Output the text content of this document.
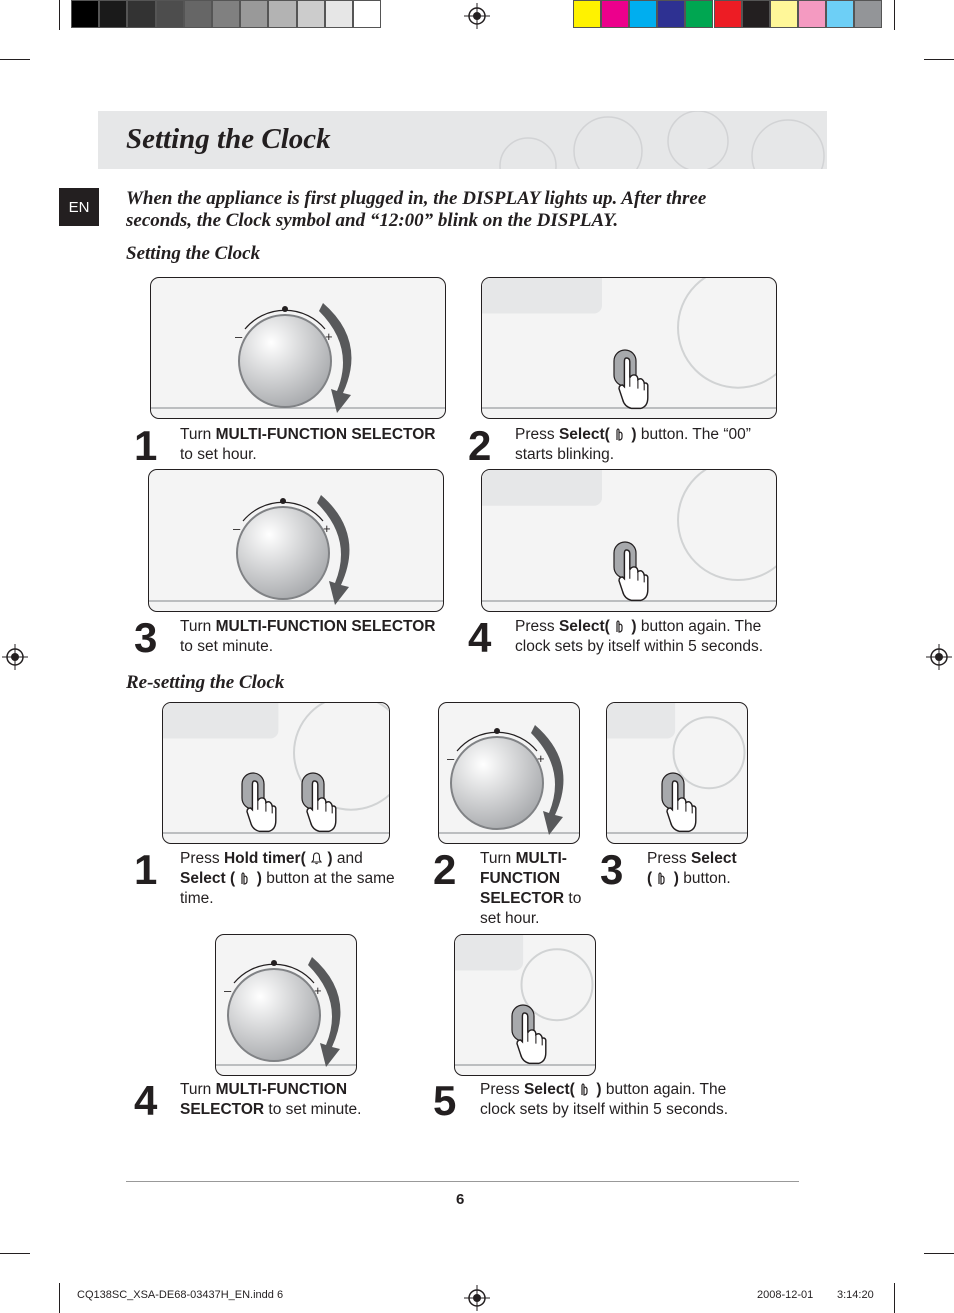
Setting the Clock
EN	When the appliance is first plugged in, the DISPLAY lights up. After three
seconds, the Clock symbol and “12:00” blink on the DISPLAY.
Setting the Clock
–	+
–	+
1 Turn MULTI-FUNCTION SELECTOR
to set hour.	2 Press Select( ) button. The “00”
starts blinking.
3 Turn MULTI-FUNCTION SELECTOR
to set minute.	4 Press Select( ) button again. The
clock sets by itself within 5 seconds.
Re-setting the Clock
–	+
–	+
1 Press Hold timer( ) and
Select ( ) button at the same
time.
2 Turn MULTI-
FUNCTION
SELECTOR to
set hour.
3 Press Select
( ) button.
4 Turn MULTI-FUNCTION
SELECTOR to set minute. 5 Press Select( ) button again. The
clock sets by itself within 5 seconds.
6
CQ138SC_XSA-DE68-03437H_EN.indd 6	2008-12-01 3:14:20
